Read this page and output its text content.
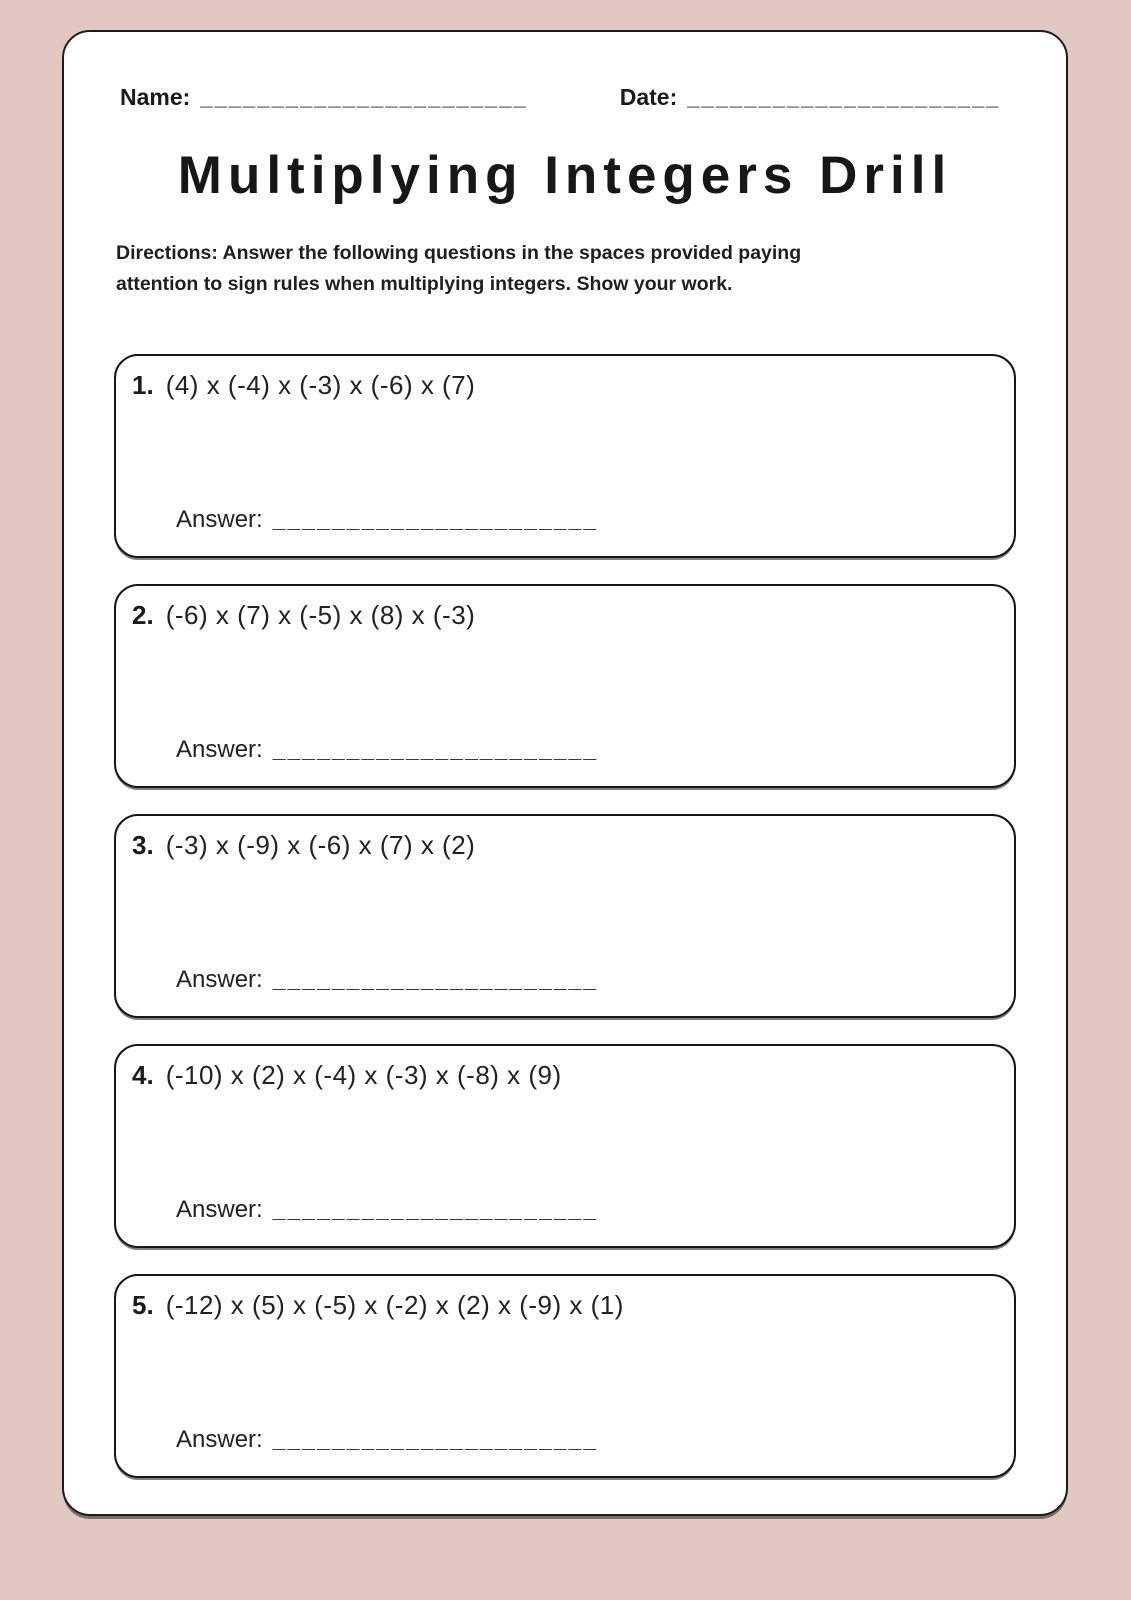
Name: _______________________	Date: ______________________
Multiplying Integers Drill
Directions: Answer the following questions in the spaces provided paying
attention to sign rules when multiplying integers. Show your work.
1. (4) x (-4) x (-3) x (-6) x (7)
Answer: ______________________
2. (-6) x (7) x (-5) x (8) x (-3)
Answer: ______________________
3. (-3) x (-9) x (-6) x (7) x (2)
Answer: ______________________
4. (-10) x (2) x (-4) x (-3) x (-8) x (9)
Answer: ______________________
5. (-12) x (5) x (-5) x (-2) x (2) x (-9) x (1)
Answer: ______________________
